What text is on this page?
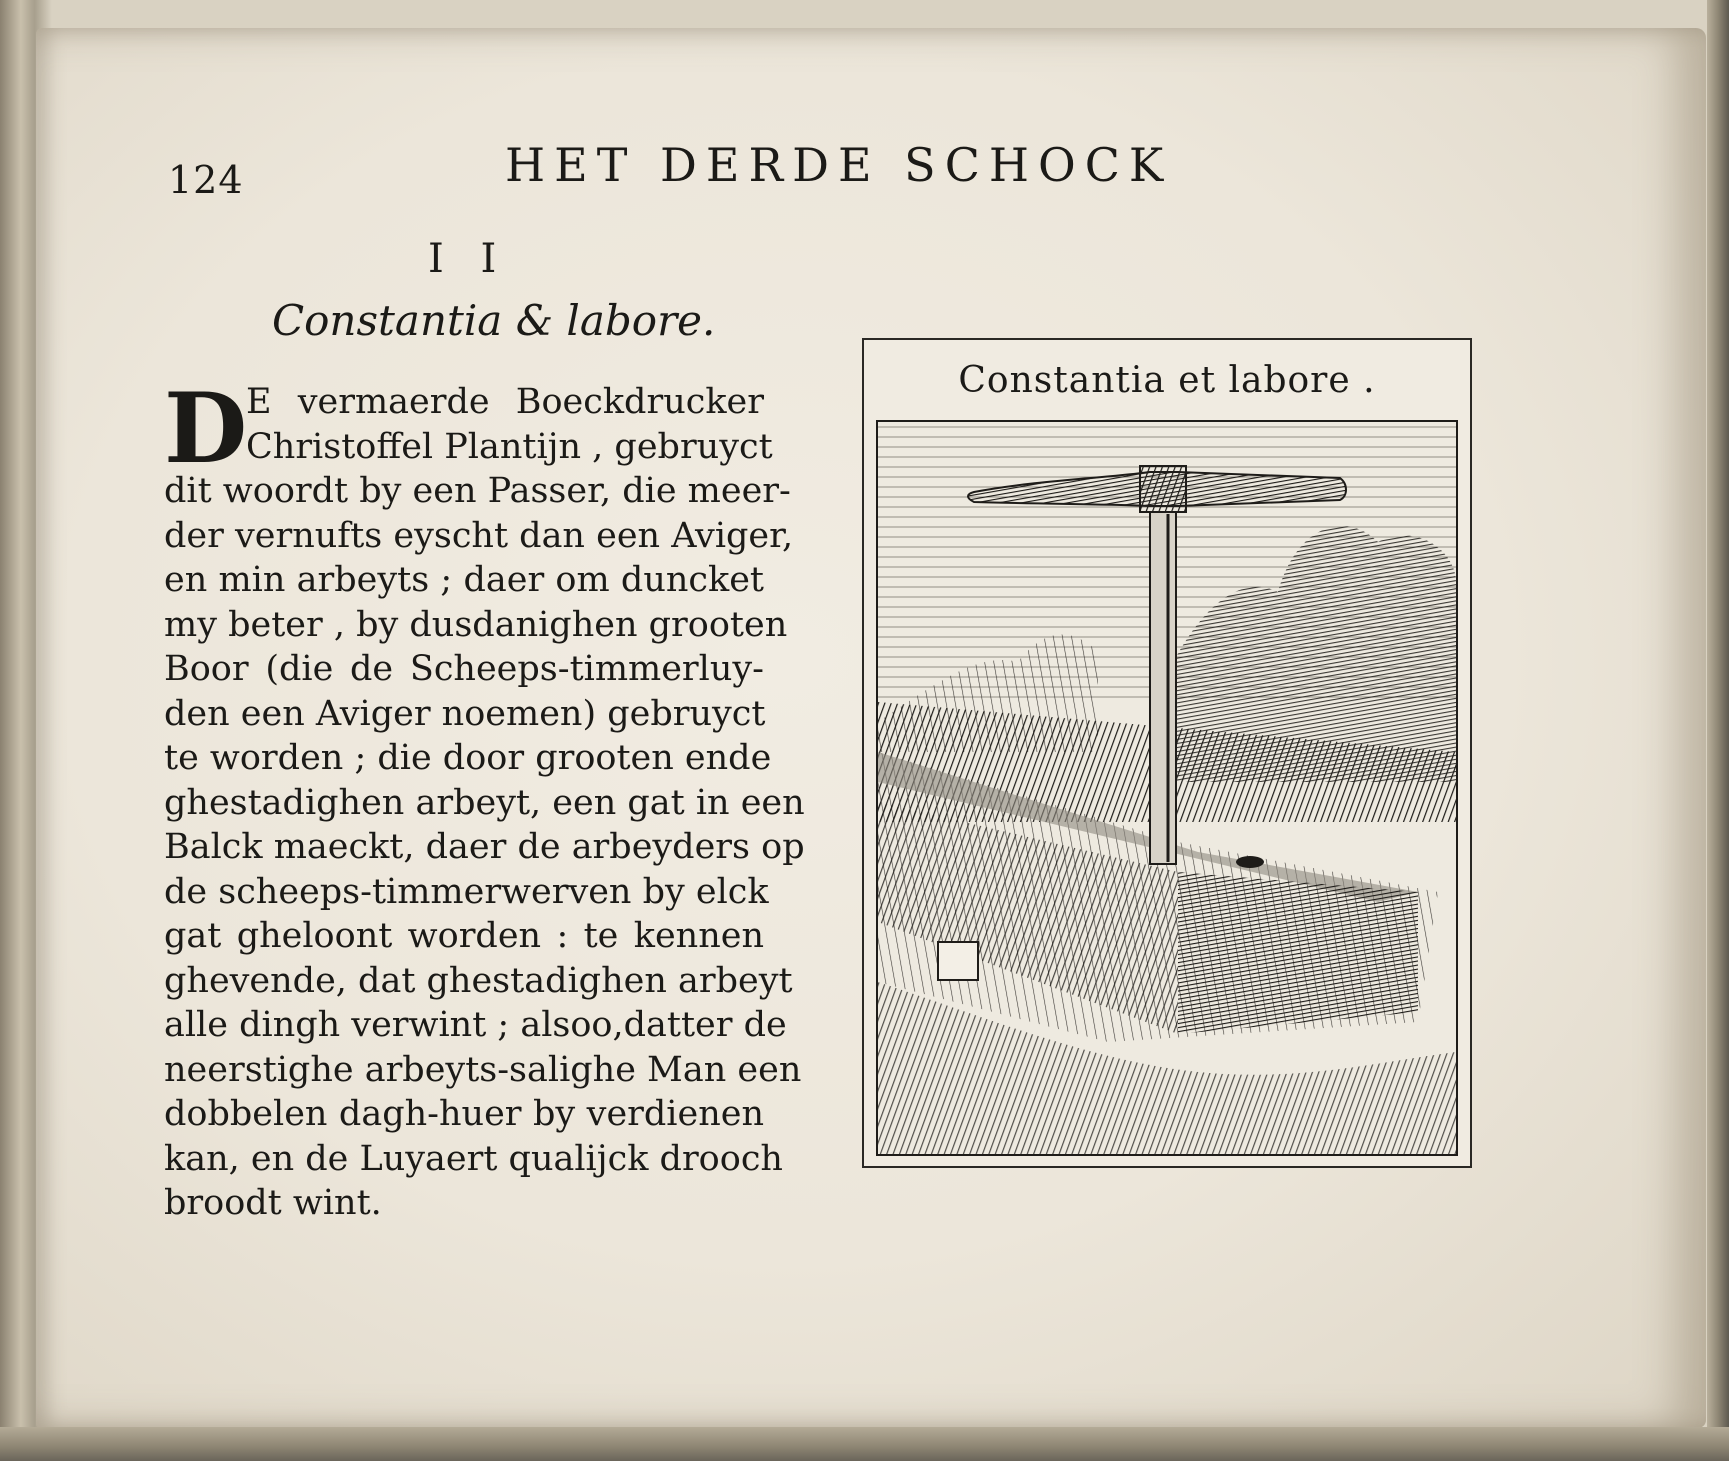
124	HET DERDE SCHOCK
I I
Constantia & labore.
D
E vermaerde Boeckdrucker
Christoffel Plantijn , gebruyct
dit woordt by een Passer, die meer-
der vernufts eyscht dan een Aviger,
en min arbeyts ; daer om duncket
my beter , by dusdanighen grooten
Boor (die de Scheeps-timmerluy-
den een Aviger noemen) gebruyct
te worden ; die door grooten ende
ghestadighen arbeyt, een gat in een
Balck maeckt, daer de arbeyders op
de scheeps-timmerwerven by elck
gat gheloont worden : te kennen
ghevende, dat ghestadighen arbeyt
alle dingh verwint ; alsoo,datter de
neerstighe arbeyts-salighe Man een
dobbelen dagh-huer by verdienen
kan, en de Luyaert qualijck drooch
broodt wint.
Constantia et labore .
